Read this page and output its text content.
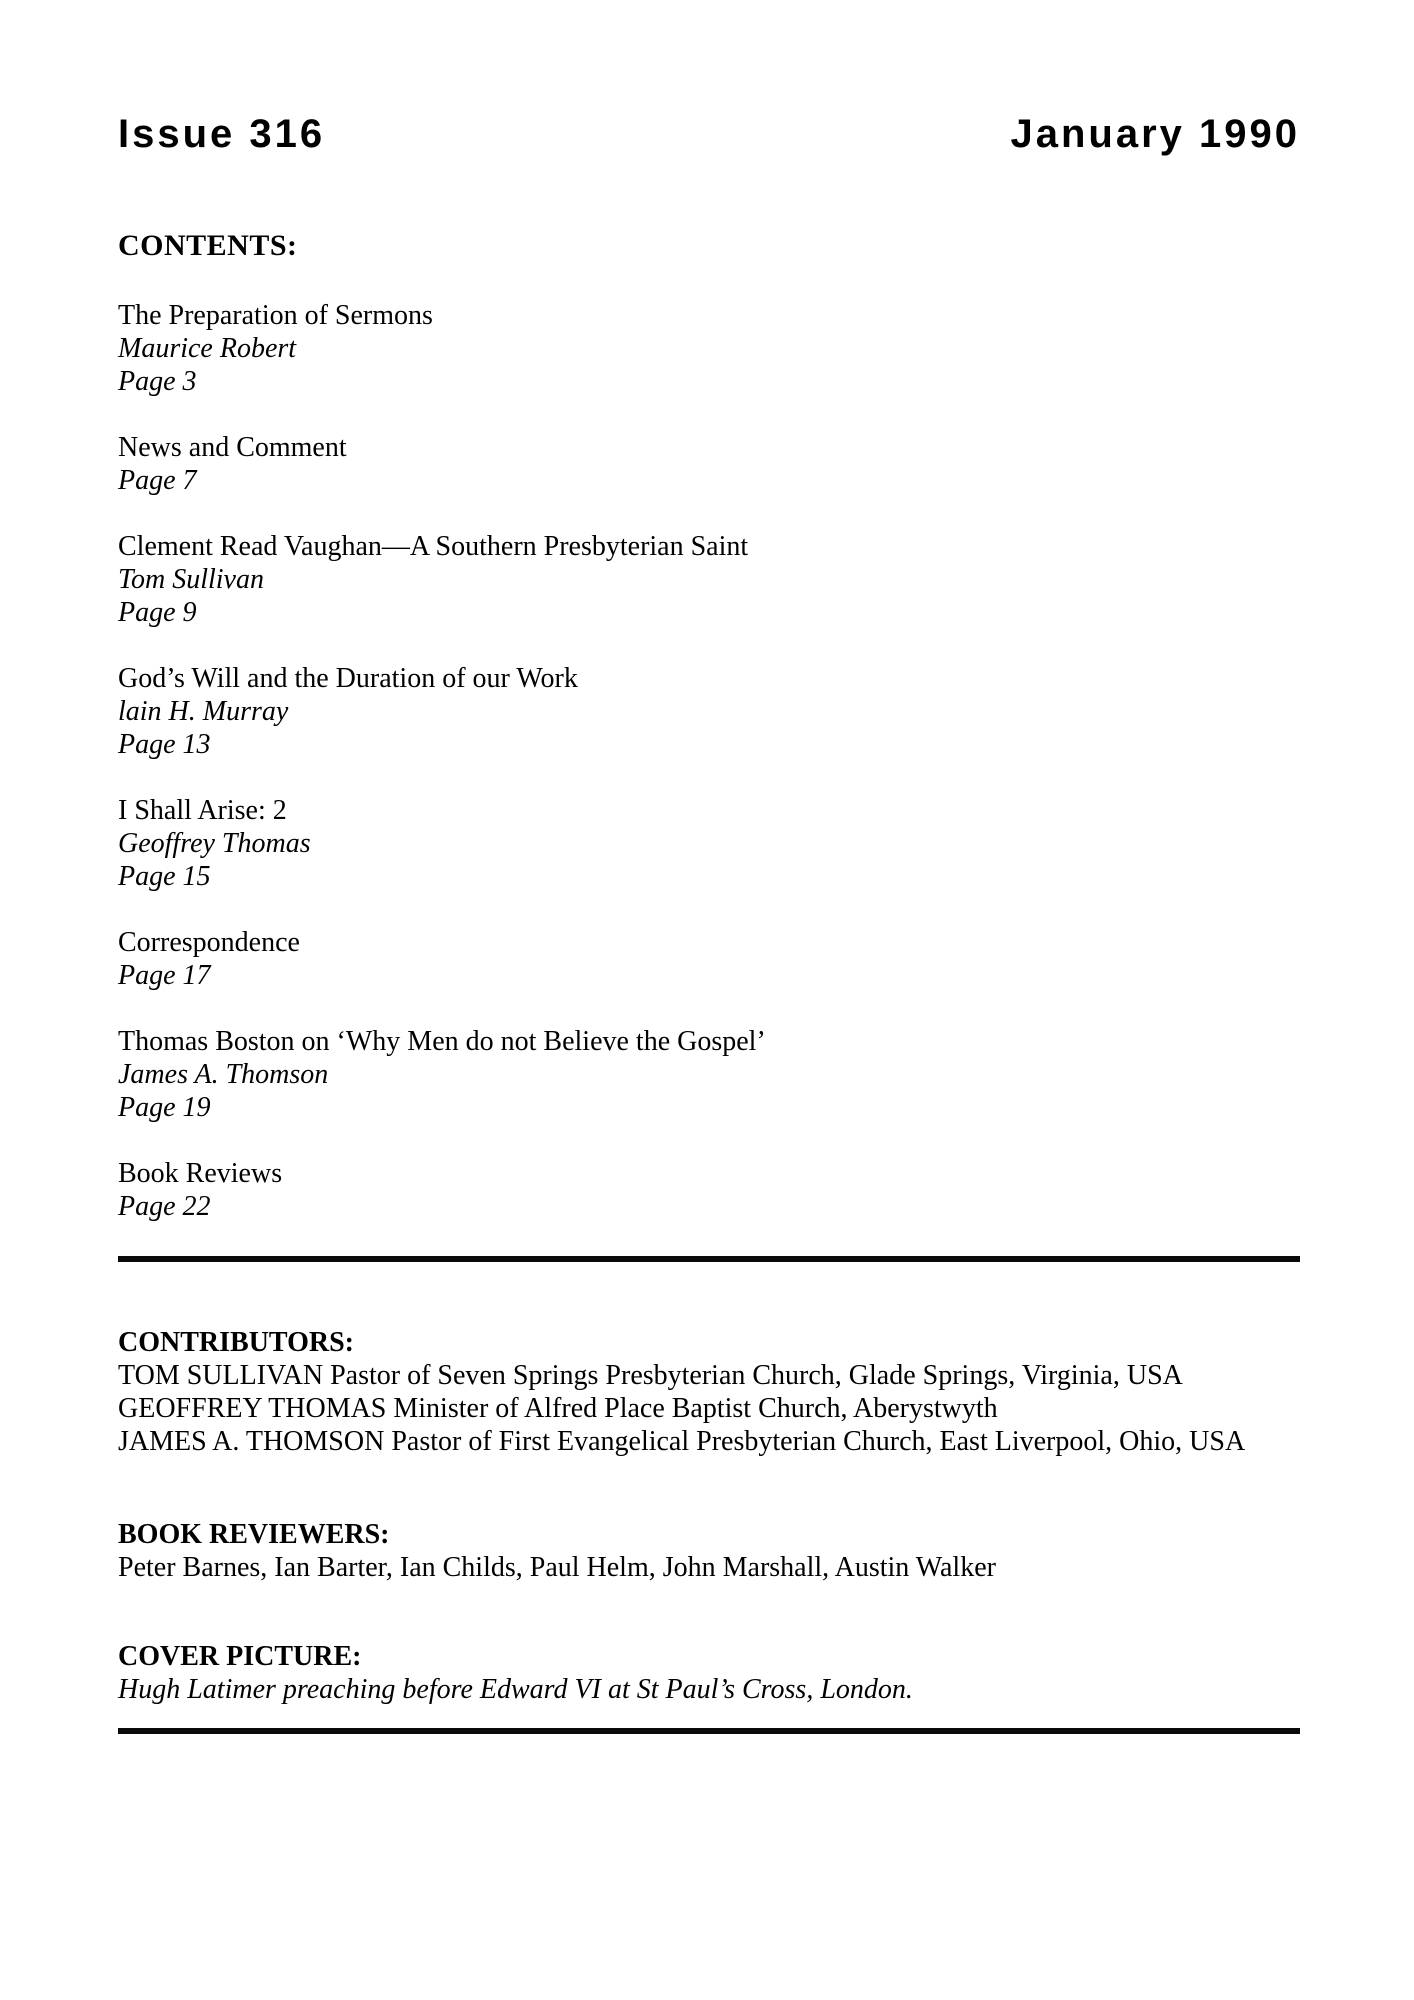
Issue 316	January 1990
CONTENTS:
The Preparation of Sermons
Maurice Robert
Page 3
News and Comment
Page 7
Clement Read Vaughan—A Southern Presbyterian Saint
Tom Sullivan
Page 9
God’s Will and the Duration of our Work
lain H. Murray
Page 13
I Shall Arise: 2
Geoffrey Thomas
Page 15
Correspondence
Page 17
Thomas Boston on ‘Why Men do not Believe the Gospel’
James A. Thomson
Page 19
Book Reviews
Page 22
CONTRIBUTORS:
TOM SULLIVAN Pastor of Seven Springs Presbyterian Church, Glade Springs, Virginia, USA
GEOFFREY THOMAS Minister of Alfred Place Baptist Church, Aberystwyth
JAMES A. THOMSON Pastor of First Evangelical Presbyterian Church, East Liverpool, Ohio, USA
BOOK REVIEWERS:
Peter Barnes, Ian Barter, Ian Childs, Paul Helm, John Marshall, Austin Walker
COVER PICTURE:
Hugh Latimer preaching before Edward VI at St Paul’s Cross, London.
